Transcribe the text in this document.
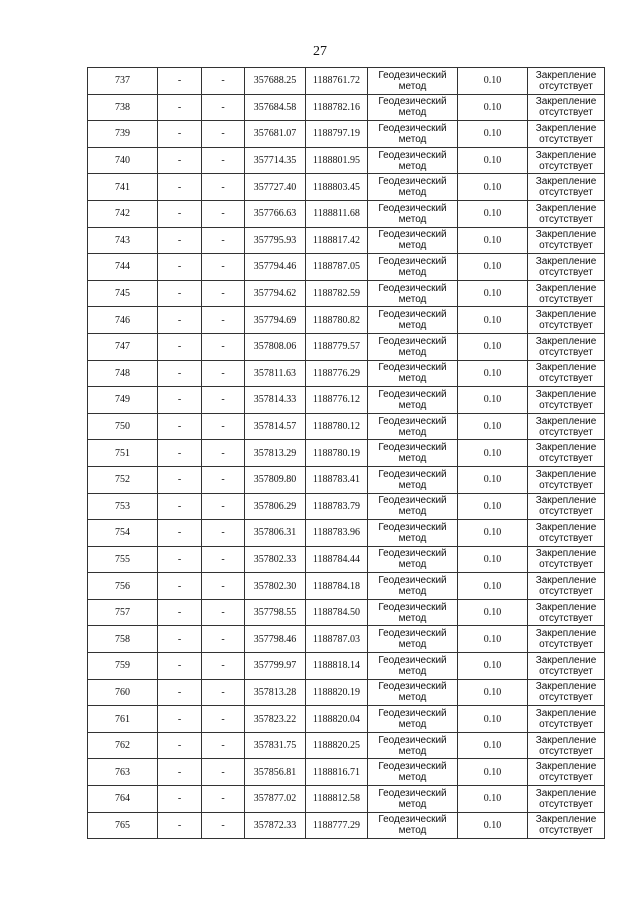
27
737	-	-	357688.25	1188761.72	Геодезический метод	0.10	Закрепление отсутствует
738	-	-	357684.58	1188782.16	Геодезический метод	0.10	Закрепление отсутствует
739	-	-	357681.07	1188797.19	Геодезический метод	0.10	Закрепление отсутствует
740	-	-	357714.35	1188801.95	Геодезический метод	0.10	Закрепление отсутствует
741	-	-	357727.40	1188803.45	Геодезический метод	0.10	Закрепление отсутствует
742	-	-	357766.63	1188811.68	Геодезический метод	0.10	Закрепление отсутствует
743	-	-	357795.93	1188817.42	Геодезический метод	0.10	Закрепление отсутствует
744	-	-	357794.46	1188787.05	Геодезический метод	0.10	Закрепление отсутствует
745	-	-	357794.62	1188782.59	Геодезический метод	0.10	Закрепление отсутствует
746	-	-	357794.69	1188780.82	Геодезический метод	0.10	Закрепление отсутствует
747	-	-	357808.06	1188779.57	Геодезический метод	0.10	Закрепление отсутствует
748	-	-	357811.63	1188776.29	Геодезический метод	0.10	Закрепление отсутствует
749	-	-	357814.33	1188776.12	Геодезический метод	0.10	Закрепление отсутствует
750	-	-	357814.57	1188780.12	Геодезический метод	0.10	Закрепление отсутствует
751	-	-	357813.29	1188780.19	Геодезический метод	0.10	Закрепление отсутствует
752	-	-	357809.80	1188783.41	Геодезический метод	0.10	Закрепление отсутствует
753	-	-	357806.29	1188783.79	Геодезический метод	0.10	Закрепление отсутствует
754	-	-	357806.31	1188783.96	Геодезический метод	0.10	Закрепление отсутствует
755	-	-	357802.33	1188784.44	Геодезический метод	0.10	Закрепление отсутствует
756	-	-	357802.30	1188784.18	Геодезический метод	0.10	Закрепление отсутствует
757	-	-	357798.55	1188784.50	Геодезический метод	0.10	Закрепление отсутствует
758	-	-	357798.46	1188787.03	Геодезический метод	0.10	Закрепление отсутствует
759	-	-	357799.97	1188818.14	Геодезический метод	0.10	Закрепление отсутствует
760	-	-	357813.28	1188820.19	Геодезический метод	0.10	Закрепление отсутствует
761	-	-	357823.22	1188820.04	Геодезический метод	0.10	Закрепление отсутствует
762	-	-	357831.75	1188820.25	Геодезический метод	0.10	Закрепление отсутствует
763	-	-	357856.81	1188816.71	Геодезический метод	0.10	Закрепление отсутствует
764	-	-	357877.02	1188812.58	Геодезический метод	0.10	Закрепление отсутствует
765	-	-	357872.33	1188777.29	Геодезический метод	0.10	Закрепление отсутствует
